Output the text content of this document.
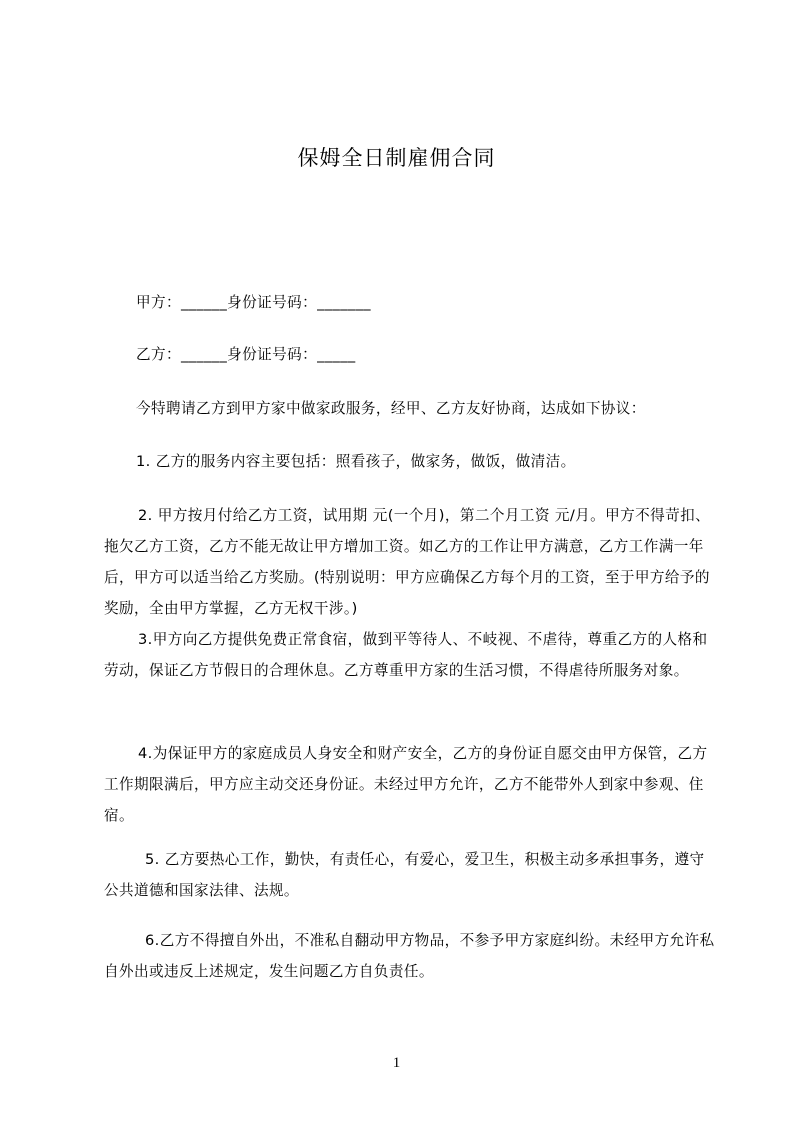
保姆全日制雇佣合同
甲方：______身份证号码：_______
乙方：______身份证号码：_____
今特聘请乙方到甲方家中做家政服务，经甲、乙方友好协商，达成如下协议：
1. 乙方的服务内容主要包括：照看孩子，做家务，做饭，做清洁。
2. 甲方按月付给乙方工资，试用期 元(一个月)，第二个月工资 元/月。甲方不得苛扣、拖欠乙方工资，乙方不能无故让甲方增加工资。如乙方的工作让甲方满意，乙方工作满一年后，甲方可以适当给乙方奖励。(特别说明：甲方应确保乙方每个月的工资，至于甲方给予的奖励，全由甲方掌握，乙方无权干涉。)
3.甲方向乙方提供免费正常食宿，做到平等待人、不岐视、不虐待，尊重乙方的人格和劳动，保证乙方节假日的合理休息。乙方尊重甲方家的生活习惯，不得虐待所服务对象。
4.为保证甲方的家庭成员人身安全和财产安全，乙方的身份证自愿交由甲方保管，乙方工作期限满后，甲方应主动交还身份证。未经过甲方允许，乙方不能带外人到家中参观、住宿。
5. 乙方要热心工作，勤快，有责任心，有爱心，爱卫生，积极主动多承担事务，遵守公共道德和国家法律、法规。
6.乙方不得擅自外出，不准私自翻动甲方物品，不参予甲方家庭纠纷。未经甲方允许私自外出或违反上述规定，发生问题乙方自负责任。
1
